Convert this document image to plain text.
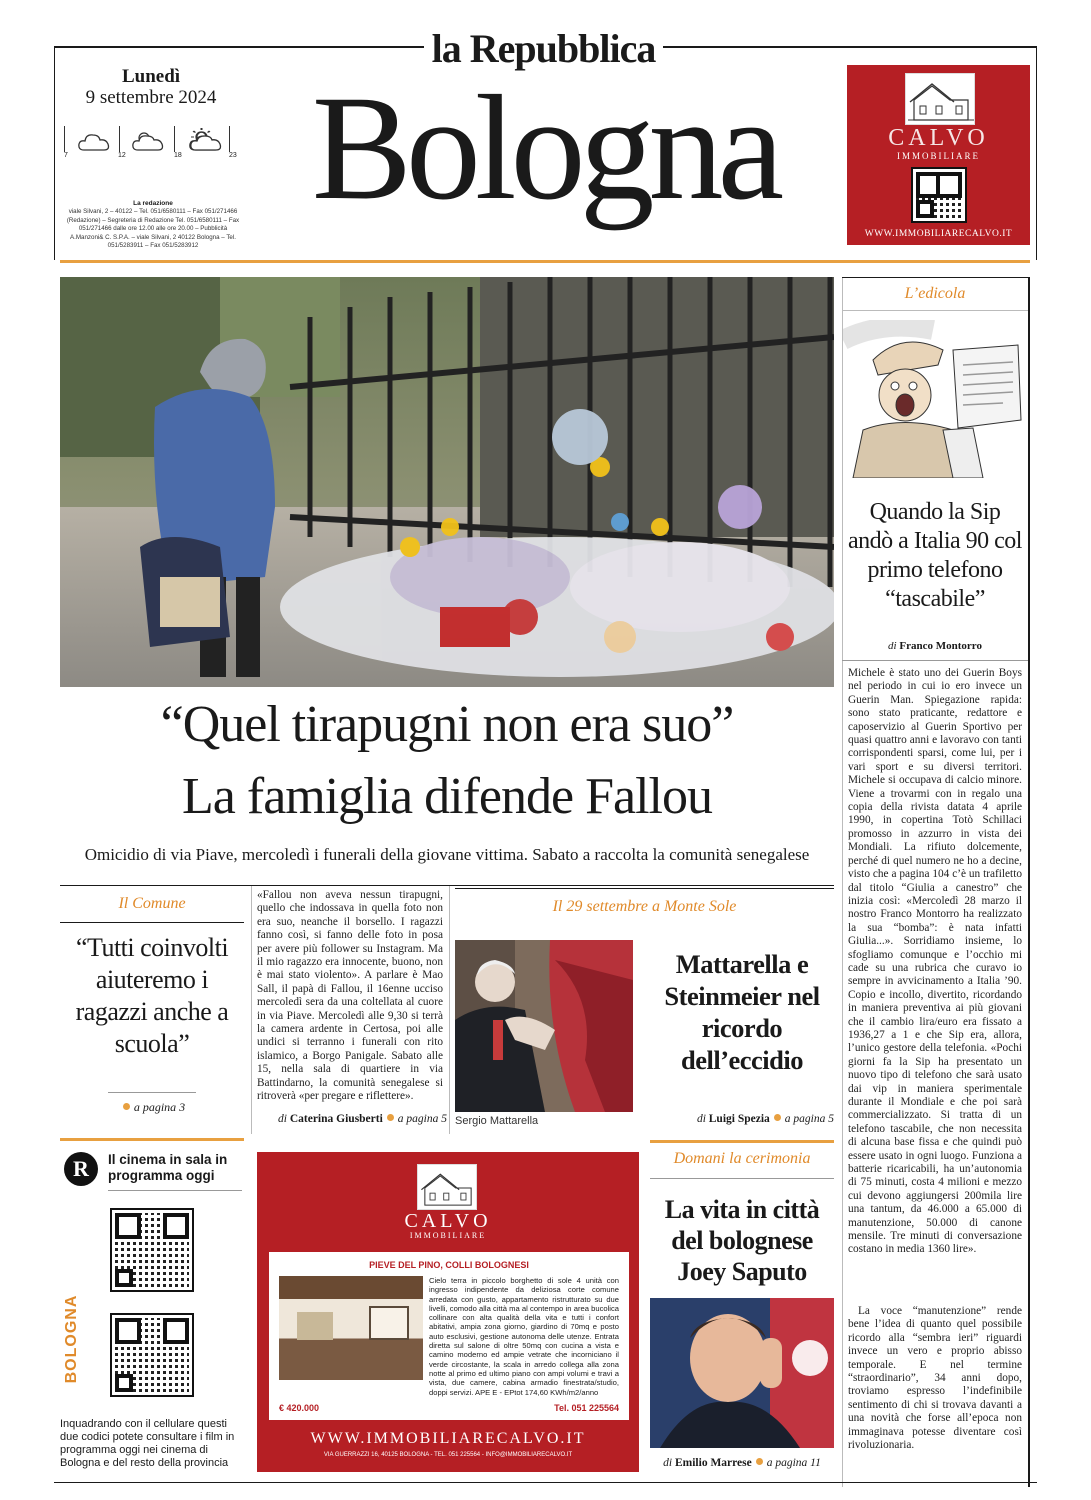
la Repubblica
Lunedì
9 settembre 2024
7	12	18	23
La redazione
viale Silvani, 2 – 40122 – Tel. 051/6580111 – Fax 051/271466 (Redazione) – Segreteria di Redazione Tel. 051/6580111 – Fax 051/271466 dalle ore 12.00 alle ore 20.00 – Pubblicità A.Manzoni& C. S.P.A. – viale Silvani, 2 40122 Bologna – Tel. 051/5283911 – Fax 051/5283912
Bologna	CALVO
IMMOBILIARE
WWW.IMMOBILIARECALVO.IT
“Quel tirapugni non era suo”
La famiglia difende Fallou
Omicidio di via Piave, mercoledì i funerali della giovane vittima. Sabato a raccolta la comunità senegalese
Il Comune
“Tutti coinvolti aiuteremo i ragazzi anche a scuola”
a pagina 3
«Fallou non aveva nessun tirapugni, quello che indossava in quella foto non era suo, neanche il borsello. I ragazzi fanno così, si fanno delle foto in posa per avere più follower su Instagram. Ma il mio ragazzo era innocente, buono, non è mai stato violento». A parlare è Mao Sall, il papà di Fallou, il 16enne ucciso mercoledì sera da una coltellata al cuore in via Piave. Mercoledì alle 9,30 si terrà la camera ardente in Certosa, poi alle undici si terranno i funerali con rito islamico, a Borgo Panigale. Sabato alle 15, nella sala di quartiere in via Battindarno, la comunità senegalese si ritroverà «per pregare e riflettere».
di Caterina Giusberti a pagina 5
Il 29 settembre a Monte Sole
Sergio Mattarella
Mattarella e Steinmeier nel ricordo dell’eccidio
di Luigi Spezia a pagina 5
L’edicola
Quando la Sip andò a Italia 90 col primo telefono “tascabile”
di Franco Montorro
Michele è stato uno dei Guerin Boys nel periodo in cui io ero invece un Guerin Man. Spiegazione rapida: sono stato praticante, redattore e caposervizio al Guerin Sportivo per quasi quattro anni e lavoravo con tanti corrispondenti sparsi, come lui, per i vari sport e su diversi territori. Michele si occupava di calcio minore. Viene a trovarmi con in regalo una copia della rivista datata 4 aprile 1990, in copertina Totò Schillaci promosso in azzurro in vista dei Mondiali. La rifiuto dolcemente, perché di quel numero ne ho a decine, visto che a pagina 104 c’è un trafiletto dal titolo “Giulia a canestro” che inizia così: «Mercoledì 28 marzo il nostro Franco Montorro ha realizzato la sua “bomba”: è nata infatti Giulia...». Sorridiamo insieme, lo sfogliamo comunque e l’occhio mi cade su una rubrica che curavo io sempre in avvicinamento a Italia ’90. Copio e incollo, divertito, ricordando in maniera preventiva ai più giovani che il cambio lira/euro era fissato a 1936,27 a 1 e che Sip era, allora, l’unico gestore della telefonia. «Pochi giorni fa la Sip ha presentato un nuovo tipo di telefono che sarà usato dai vip in maniera sperimentale durante il Mondiale e che poi sarà commercializzato. Si tratta di un telefono tascabile, che non necessita di alcuna base fissa e che quindi può essere usato in ogni luogo. Funziona a batterie ricaricabili, ha un’autonomia di 75 minuti, costa 4 milioni e mezzo cui devono aggiungersi 200mila lire una tantum, da 46.000 a 65.000 di manutenzione, 50.000 di canone mensile. Tre minuti di conversazione costano in media 1360 lire».
La voce “manutenzione” rende bene l’idea di quanto quel possibile ricordo alla “sembra ieri” riguardi invece un vero e proprio abisso temporale. E nel termine “straordinario”, 34 anni dopo, troviamo espresso l’indefinibile sentimento di chi si trovava davanti a una novità che forse all’epoca non immaginava potesse diventare così rivoluzionaria.
R	Il cinema in sala in programma oggi
BOLOGNA
Inquadrando con il cellulare questi due codici potete consultare i film in programma oggi nei cinema di Bologna e del resto della provincia
CALVO
IMMOBILIARE
PIEVE DEL PINO, COLLI BOLOGNESI
Cielo terra in piccolo borghetto di sole 4 unità con ingresso indipendente da deliziosa corte comune arredata con gusto, appartamento ristrutturato su due livelli, comodo alla città ma al contempo in area bucolica collinare con alta qualità della vita e tutti i confort abitativi, ampia zona giorno, giardino di 70mq e posto auto esclusivi, gestione autonoma delle utenze. Entrata diretta sul salone di oltre 50mq con cucina a vista e camino moderno ed ampie vetrate che incorniciano il verde circostante, la scala in arredo collega alla zona notte al primo ed ultimo piano con ampi volumi e travi a vista, due camere, cabina armadio finestrata/studio, doppi servizi. APE E - EPtot 174,60 KWh/m2/anno
€ 420.000	Tel. 051 225564
WWW.IMMOBILIARECALVO.IT
VIA GUERRAZZI 16, 40125 BOLOGNA - TEL. 051 225564 - INFO@IMMOBILIARECALVO.IT
Domani la cerimonia
La vita in città del bolognese Joey Saputo
di Emilio Marrese a pagina 11
